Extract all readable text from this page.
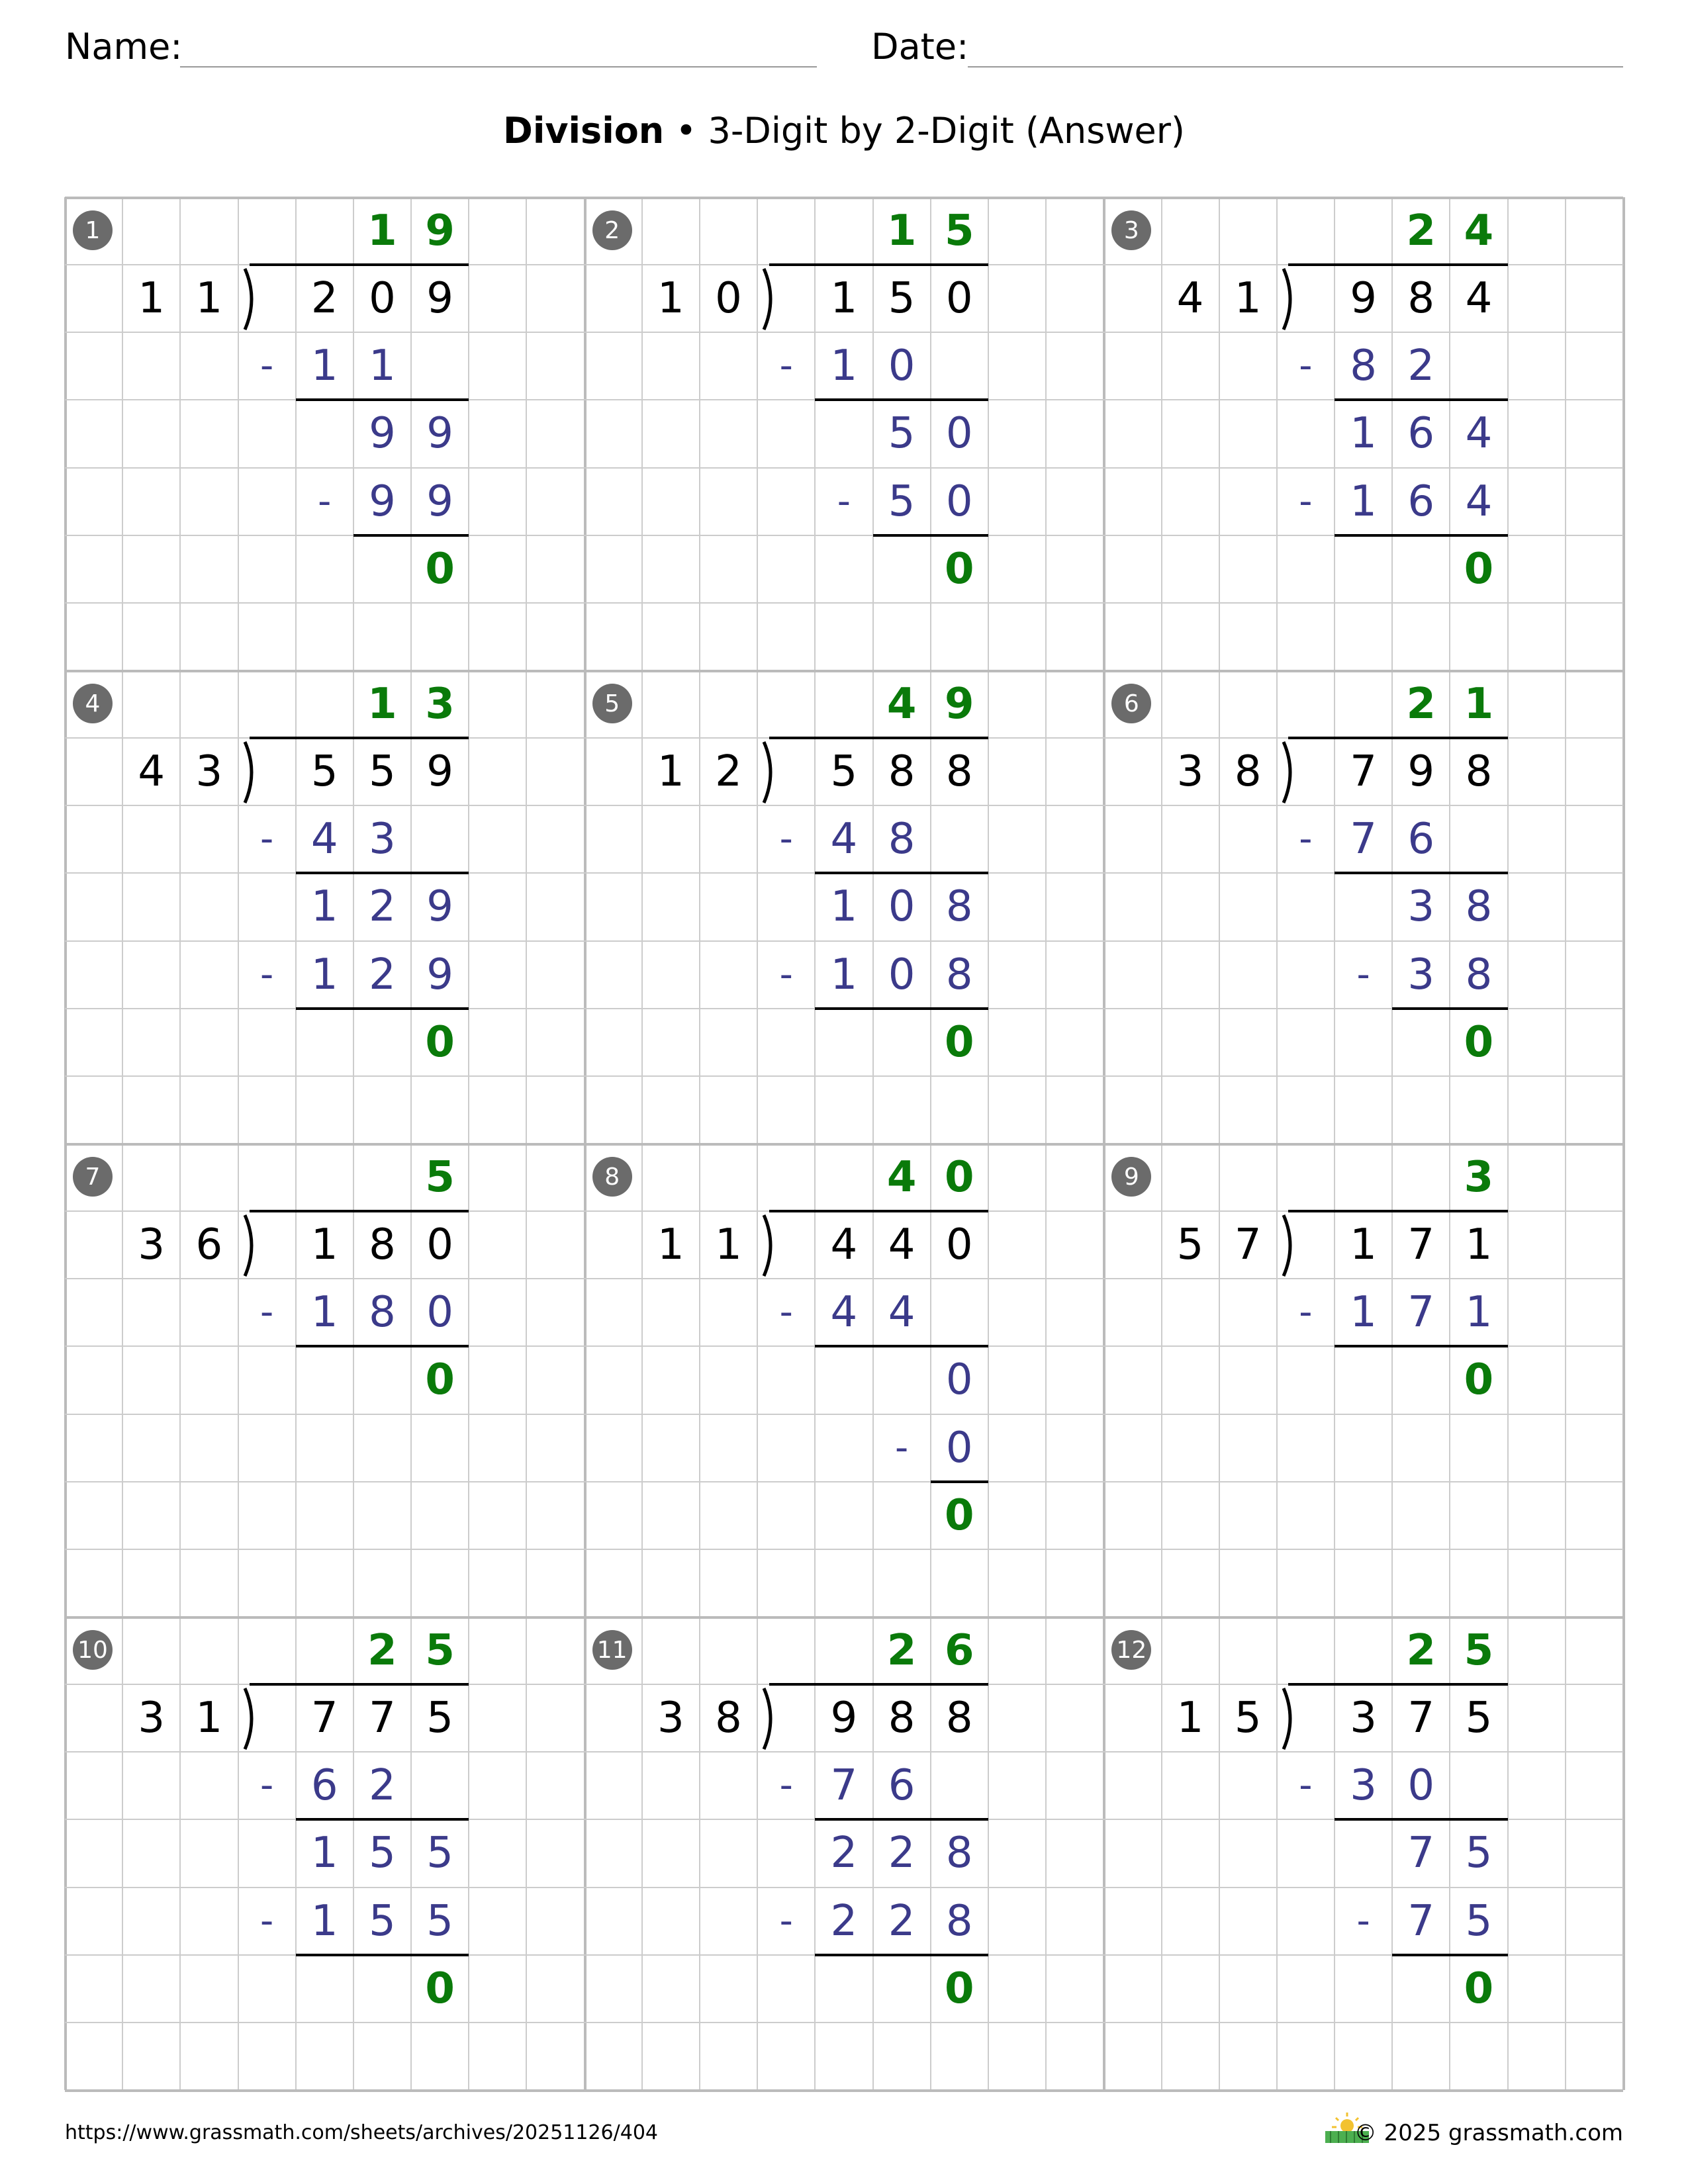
Name:	Date:
Division • 3-Digit by 2-Digit (Answer)
1	1 9
1 1	2 0 9
- 1 1
9 9
- 9 9
0
2	1 5
1 0	1 5 0
- 1 0
5 0
- 5 0
0
3	2 4
4 1	9 8 4
- 8 2
1 6 4
- 1 6 4
0
4	1 3
4 3	5 5 9
- 4 3
1 2 9
- 1 2 9
0
5	4 9
1 2	5 8 8
- 4 8
1 0 8
- 1 0 8
0
6	2 1
3 8	7 9 8
- 7 6
3 8
- 3 8
0
7	5
3 6	1 8 0
- 1 8 0
0
8	4 0
1 1	4 4 0
- 4 4
0
- 0
0
9	3
5 7	1 7 1
- 1 7 1
0
10	2 5
3 1	7 7 5
- 6 2
1 5 5
- 1 5 5
0
11	2 6
3 8	9 8 8
- 7 6
2 2 8
- 2 2 8
0
12	2 5
1 5	3 7 5
- 3 0
7 5
- 7 5
0
https://www.grassmath.com/sheets/archives/20251126/404	© 2025 grassmath.com
